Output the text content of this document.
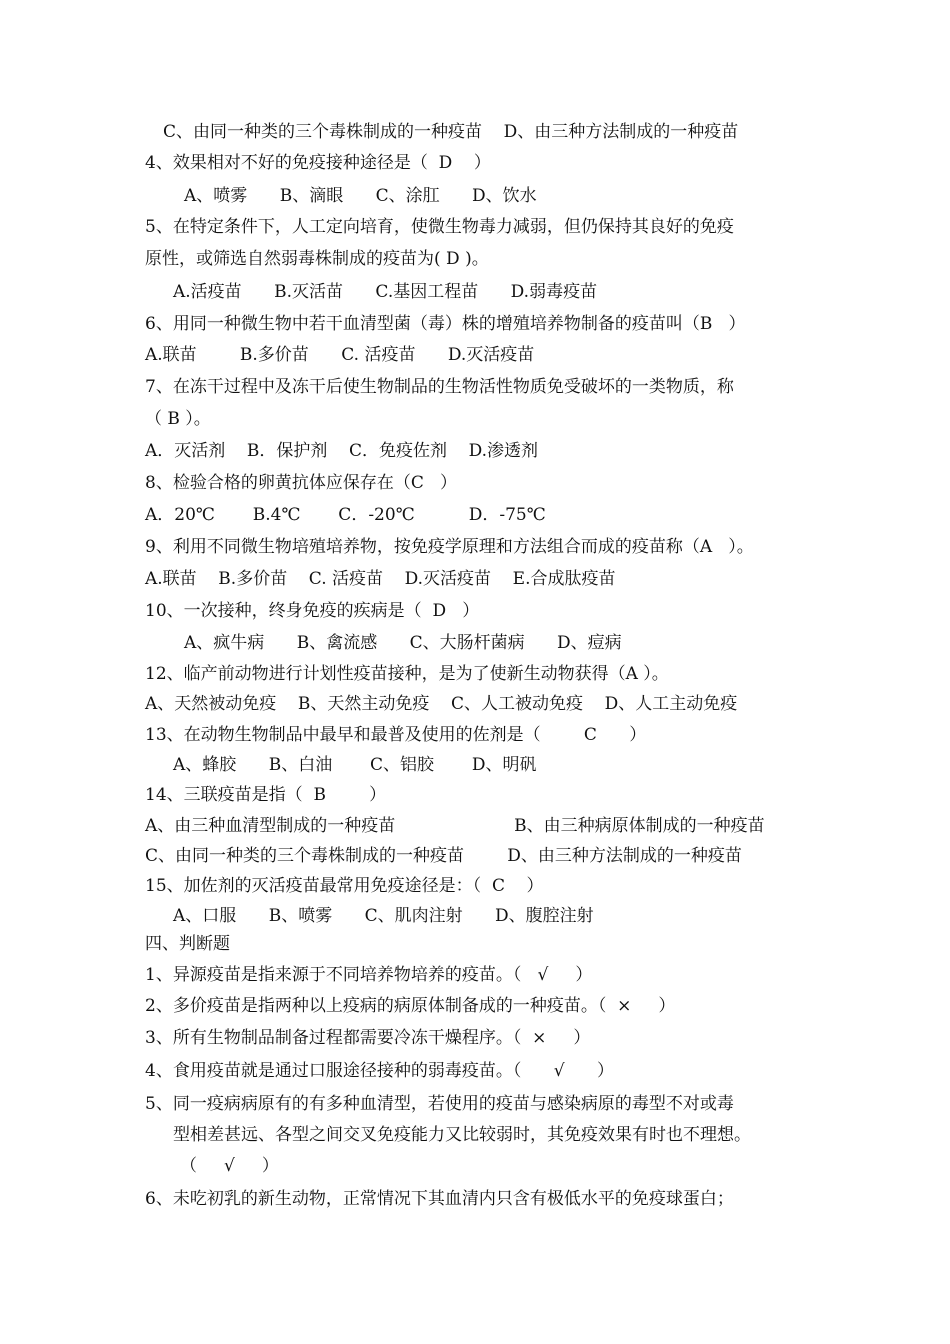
C、由同一种类的三个毒株制成的一种疫苗    D、由三种方法制成的一种疫苗
4、效果相对不好的免疫接种途径是（  D    ）
A、喷雾      B、滴眼      C、涂肛      D、饮水
5、在特定条件下，人工定向培育，使微生物毒力减弱，但仍保持其良好的免疫
原性，或筛选自然弱毒株制成的疫苗为( D )。
A.活疫苗      B.灭活苗      C.基因工程苗      D.弱毒疫苗
6、用同一种微生物中若干血清型菌（毒）株的增殖培养物制备的疫苗叫（B   ）
A.联苗        B.多价苗      C. 活疫苗      D.灭活疫苗
7、在冻干过程中及冻干后使生物制品的生物活性物质免受破坏的一类物质，称
（ B ）。
A．灭活剂    B．保护剂    C．免疫佐剂    D.渗透剂
8、检验合格的卵黄抗体应保存在（C   ）
A．20℃       B.4℃       C．-20℃          D．-75℃
9、利用不同微生物培殖培养物，按免疫学原理和方法组合而成的疫苗称（A   ）。
A.联苗    B.多价苗    C. 活疫苗    D.灭活疫苗    E.合成肽疫苗
10、一次接种，终身免疫的疾病是（  D   ）
A、疯牛病      B、禽流感      C、大肠杆菌病      D、痘病
12、临产前动物进行计划性疫苗接种，是为了使新生动物获得（A ）。
A、天然被动免疫    B、天然主动免疫    C、人工被动免疫    D、人工主动免疫
13、在动物生物制品中最早和最普及使用的佐剂是（        C      ）
A、蜂胶      B、白油       C、铝胶       D、明矾
14、三联疫苗是指（  B        ）
A、由三种血清型制成的一种疫苗                      B、由三种病原体制成的一种疫苗
C、由同一种类的三个毒株制成的一种疫苗        D、由三种方法制成的一种疫苗
15、加佐剂的灭活疫苗最常用免疫途径是：（  C    ）
A、口服      B、喷雾      C、肌肉注射      D、腹腔注射
四、判断题
1、异源疫苗是指来源于不同培养物培养的疫苗。（   √     ）
2、多价疫苗是指两种以上疫病的病原体制备成的一种疫苗。（  ×     ）
3、所有生物制品制备过程都需要冷冻干燥程序。（  ×     ）
4、食用疫苗就是通过口服途径接种的弱毒疫苗。（      √      ）
5、同一疫病病原有的有多种血清型，若使用的疫苗与感染病原的毒型不对或毒
型相差甚远、各型之间交叉免疫能力又比较弱时，其免疫效果有时也不理想。
（     √     ）
6、未吃初乳的新生动物，正常情况下其血清内只含有极低水平的免疫球蛋白；
